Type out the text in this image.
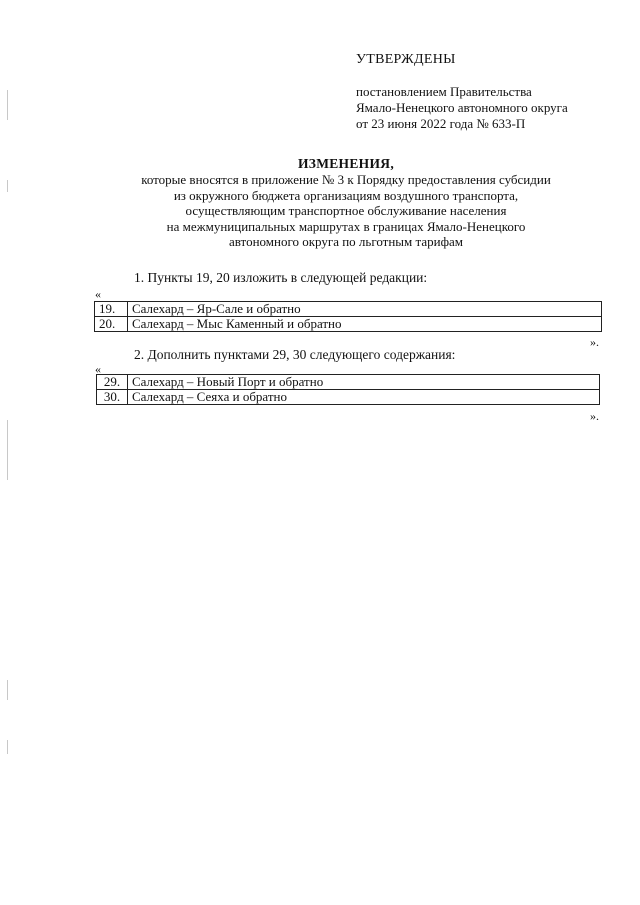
УТВЕРЖДЕНЫ
постановлением Правительства
Ямало-Ненецкого автономного округа
от 23 июня 2022 года № 633-П
ИЗМЕНЕНИЯ,
которые вносятся в приложение № 3 к Порядку предоставления субсидии
из окружного бюджета организациям воздушного транспорта,
осуществляющим транспортное обслуживание населения
на межмуниципальных маршрутах в границах Ямало-Ненецкого
автономного округа по льготным тарифам
1. Пункты 19, 20 изложить в следующей редакции:
«
19.	Салехард – Яр-Сале и обратно
20.	Салехард – Мыс Каменный и обратно
».
2. Дополнить пунктами 29, 30 следующего содержания:
«
29.	Салехард – Новый Порт и обратно
30.	Салехард – Сеяха и обратно
».
